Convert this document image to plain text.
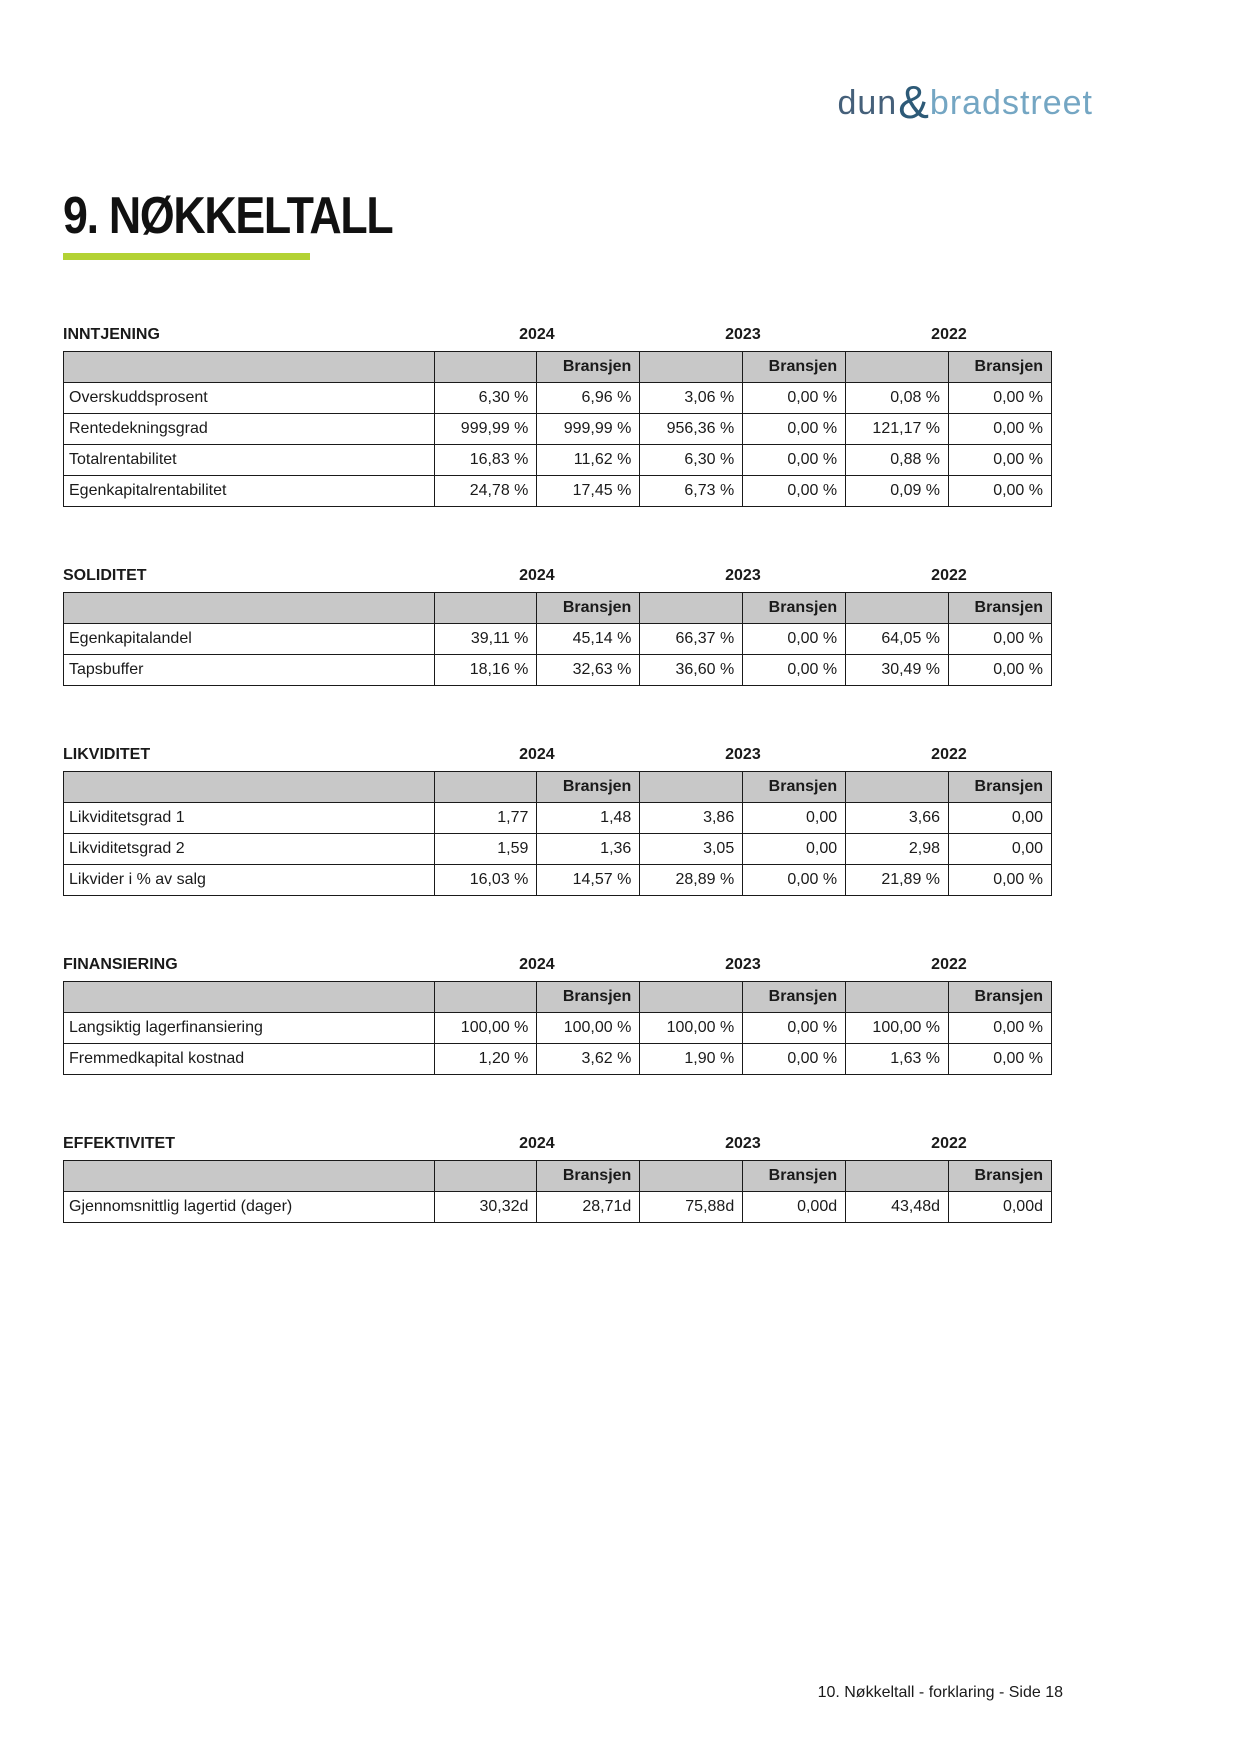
dun&bradstreet
9. NØKKELTALL
INNTJENING	2024	2023	2022
		Bransjen		Bransjen		Bransjen
Overskuddsprosent	6,30 %	6,96 %	3,06 %	0,00 %	0,08 %	0,00 %
Rentedekningsgrad	999,99 %	999,99 %	956,36 %	0,00 %	121,17 %	0,00 %
Totalrentabilitet	16,83 %	11,62 %	6,30 %	0,00 %	0,88 %	0,00 %
Egenkapitalrentabilitet	24,78 %	17,45 %	6,73 %	0,00 %	0,09 %	0,00 %
SOLIDITET	2024	2023	2022
		Bransjen		Bransjen		Bransjen
Egenkapitalandel	39,11 %	45,14 %	66,37 %	0,00 %	64,05 %	0,00 %
Tapsbuffer	18,16 %	32,63 %	36,60 %	0,00 %	30,49 %	0,00 %
LIKVIDITET	2024	2023	2022
		Bransjen		Bransjen		Bransjen
Likviditetsgrad 1	1,77	1,48	3,86	0,00	3,66	0,00
Likviditetsgrad 2	1,59	1,36	3,05	0,00	2,98	0,00
Likvider i % av salg	16,03 %	14,57 %	28,89 %	0,00 %	21,89 %	0,00 %
FINANSIERING	2024	2023	2022
		Bransjen		Bransjen		Bransjen
Langsiktig lagerfinansiering	100,00 %	100,00 %	100,00 %	0,00 %	100,00 %	0,00 %
Fremmedkapital kostnad	1,20 %	3,62 %	1,90 %	0,00 %	1,63 %	0,00 %
EFFEKTIVITET	2024	2023	2022
		Bransjen		Bransjen		Bransjen
Gjennomsnittlig lagertid (dager)	30,32d	28,71d	75,88d	0,00d	43,48d	0,00d
10. Nøkkeltall - forklaring - Side 18
